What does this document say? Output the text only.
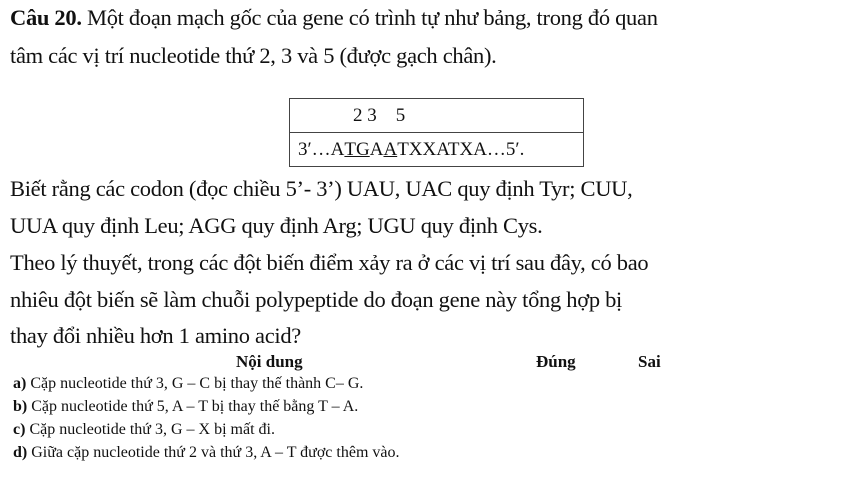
Câu 20. Một đoạn mạch gốc của gene có trình tự như bảng, trong đó quan
tâm các vị trí nucleotide thứ 2, 3 và 5 (được gạch chân).
2 3    5
3′…A T G A A TXXATXA…5′.
Biết rằng các codon (đọc chiều 5’- 3’) UAU, UAC quy định Tyr; CUU,
UUA quy định Leu; AGG quy định Arg; UGU quy định Cys.
Theo lý thuyết, trong các đột biến điểm xảy ra ở các vị trí sau đây, có bao
nhiêu đột biến sẽ làm chuỗi polypeptide do đoạn gene này tổng hợp bị
thay đổi nhiều hơn 1 amino acid?
Nội dung	Đúng	Sai
a) Cặp nucleotide thứ 3, G – C bị thay thế thành C– G.
b) Cặp nucleotide thứ 5, A – T bị thay thế bằng T – A.
c) Cặp nucleotide thứ 3, G – X bị mất đi.
d) Giữa cặp nucleotide thứ 2 và thứ 3, A – T được thêm vào.
